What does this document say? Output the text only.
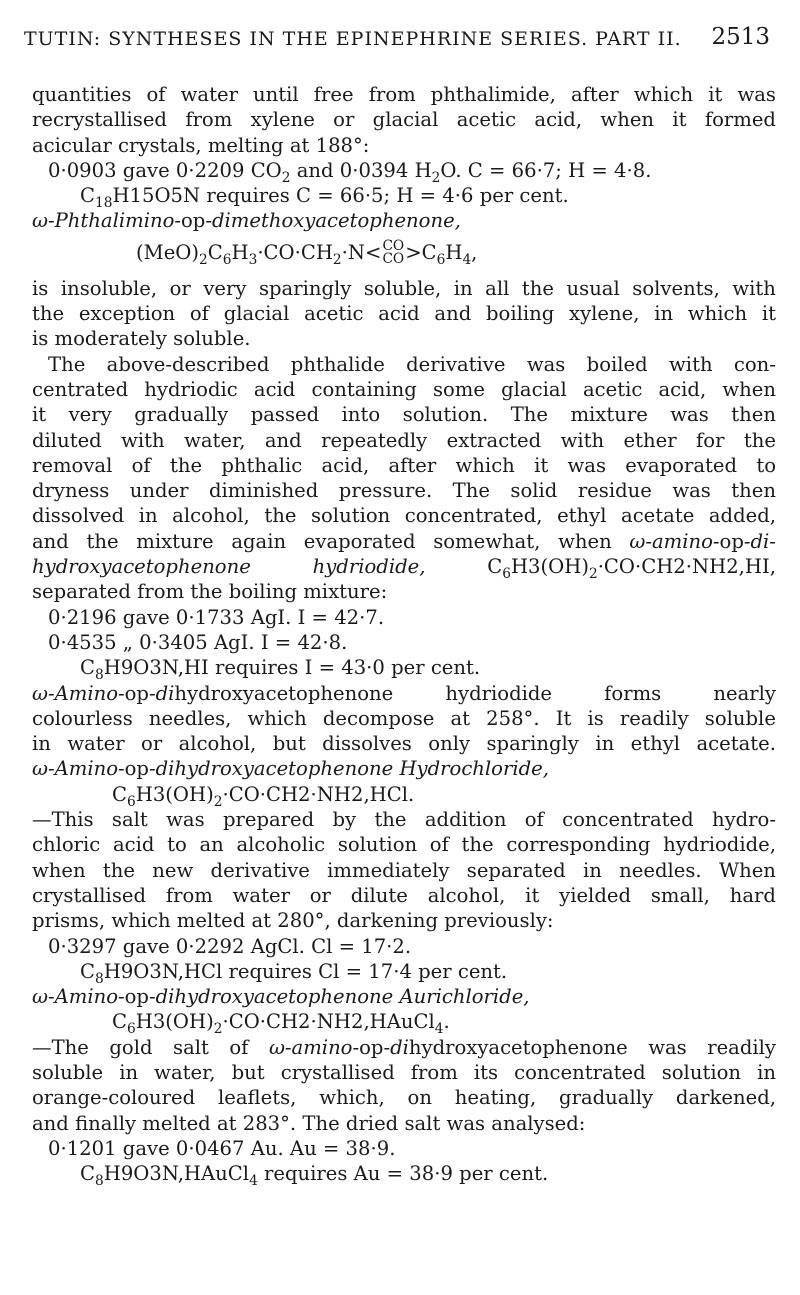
TUTIN: SYNTHESES IN THE EPINEPHRINE SERIES. PART II. 2513
quantities of water until free from phthalimide, after which it was
recrystallised from xylene or glacial acetic acid, when it formed
acicular crystals, melting at 188°:
0·0903 gave 0·2209 $CO_2$ and 0·0394 $H_2O$. C = 66·7; H = 4·8.
$C_{18}H15O5N$ requires C = 66·5; H = 4·6 per cent.
ω-Phthalimino-op-dimethoxyacetophenone,
$(MeO)_2C_6H_3\cdot CO\cdot CH_2\cdot N<$ CO
CO $>C_6H_4$,
is insoluble, or very sparingly soluble, in all the usual solvents, with
the exception of glacial acetic acid and boiling xylene, in which it
is moderately soluble.
The above-described phthalide derivative was boiled with con-
centrated hydriodic acid containing some glacial acetic acid, when
it very gradually passed into solution. The mixture was then
diluted with water, and repeatedly extracted with ether for the
removal of the phthalic acid, after which it was evaporated to
dryness under diminished pressure. The solid residue was then
dissolved in alcohol, the solution concentrated, ethyl acetate added,
and the mixture again evaporated somewhat, when ω-amino-op-di-
hydroxyacetophenone	hydriodide,	$C_6H3(OH)_2\cdot CO\cdot CH2\cdot NH2,HI$,
separated from the boiling mixture:
0·2196 gave 0·1733 AgI. I = 42·7.
0·4535 „ 0·3405 AgI. I = 42·8.
$C_8H9O3N,HI$ requires I = 43·0 per cent.
ω-Amino-op-dihydroxyacetophenone	hydriodide	forms	nearly
colourless needles, which decompose at 258°. It is readily soluble
in water or alcohol, but dissolves only sparingly in ethyl acetate.
ω-Amino-op-dihydroxyacetophenone Hydrochloride,
$C_6H3(OH)_2\cdot CO\cdot CH2\cdot NH2,HCl$.
—This salt was prepared by the addition of concentrated hydro-
chloric acid to an alcoholic solution of the corresponding hydriodide,
when the new derivative immediately separated in needles. When
crystallised from water or dilute alcohol, it yielded small, hard
prisms, which melted at 280°, darkening previously:
0·3297 gave 0·2292 AgCl. Cl = 17·2.
$C_8H9O3N,HCl$ requires Cl = 17·4 per cent.
ω-Amino-op-dihydroxyacetophenone Aurichloride,
$C_6H3(OH)_2\cdot CO\cdot CH2\cdot NH2,HAuCl_4$.
—The gold salt of ω-amino-op-dihydroxyacetophenone was readily
soluble in water, but crystallised from its concentrated solution in
orange-coloured leaflets, which, on heating, gradually darkened,
and finally melted at 283°. The dried salt was analysed:
0·1201 gave 0·0467 Au. Au = 38·9.
$C_8H9O3N,HAuCl_4$ requires Au = 38·9 per cent.
